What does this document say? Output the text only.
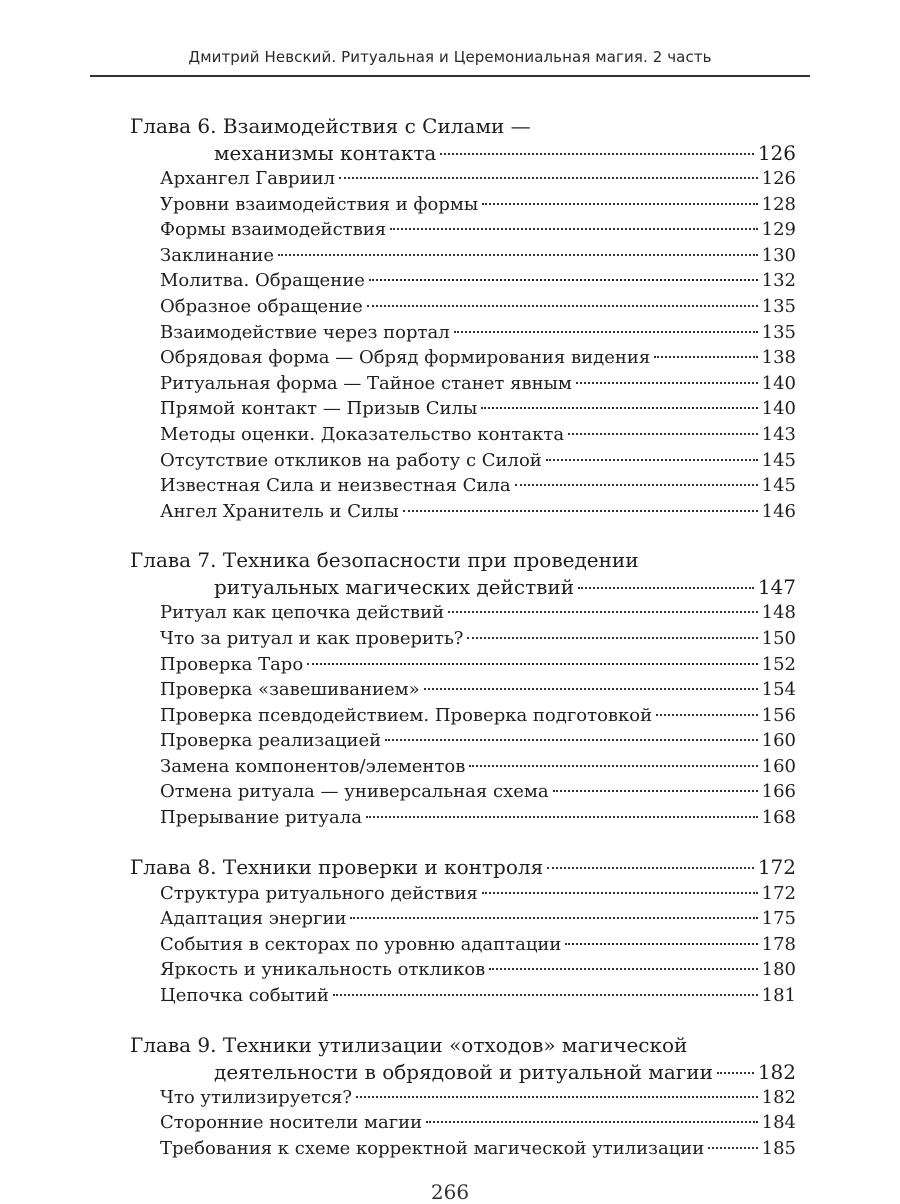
Дмитрий Невский. Ритуальная и Церемониальная магия. 2 часть
Глава 6. Взаимодействия с Силами —
механизмы контакта	126
Архангел Гавриил	126
Уровни взаимодействия и формы	128
Формы взаимодействия	129
Заклинание	130
Молитва. Обращение	132
Образное обращение	135
Взаимодействие через портал	135
Обрядовая форма — Обряд формирования видения	138
Ритуальная форма — Тайное станет явным	140
Прямой контакт — Призыв Силы	140
Методы оценки. Доказательство контакта	143
Отсутствие откликов на работу с Силой	145
Известная Сила и неизвестная Сила	145
Ангел Хранитель и Силы	146
Глава 7. Техника безопасности при проведении
ритуальных магических действий	147
Ритуал как цепочка действий	148
Что за ритуал и как проверить?	150
Проверка Таро	152
Проверка «завешиванием»	154
Проверка псевдодействием. Проверка подготовкой	156
Проверка реализацией	160
Замена компонентов/элементов	160
Отмена ритуала — универсальная схема	166
Прерывание ритуала	168
Глава 8. Техники проверки и контроля	172
Структура ритуального действия	172
Адаптация энергии	175
События в секторах по уровню адаптации	178
Яркость и уникальность откликов	180
Цепочка событий	181
Глава 9. Техники утилизации «отходов» магической
деятельности в обрядовой и ритуальной магии 182
Что утилизируется?	182
Сторонние носители магии	184
Требования к схеме корректной магической утилизации	185
266
